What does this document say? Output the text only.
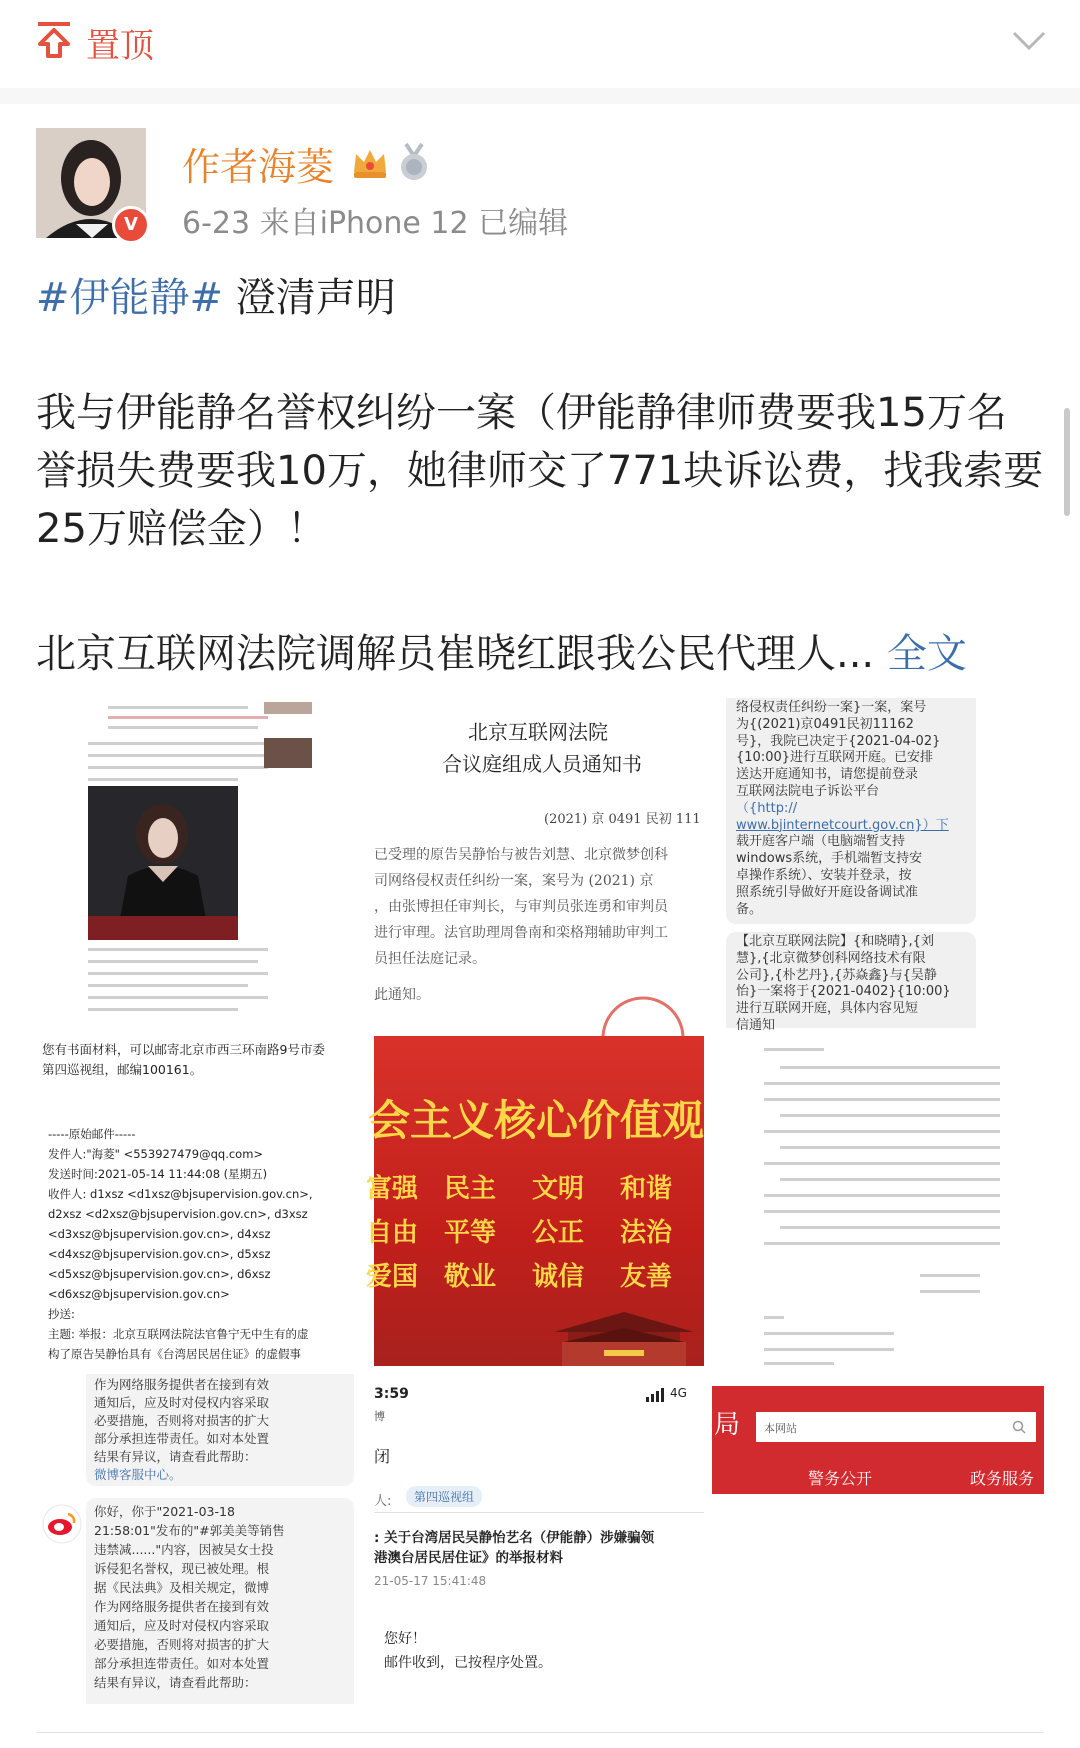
置顶
V
作者海菱
6-23 来自iPhone 12 已编辑
#伊能静# 澄清声明
我与伊能静名誉权纠纷一案（伊能静律师费要我15万名誉损失费要我10万，她律师交了771块诉讼费，找我索要25万赔偿金）！
北京互联网法院调解员崔晓红跟我公民代理人... 全文
北京互联网法院
合议庭组成人员通知书
(2021) 京 0491 民初 111
已受理的原告吴静怡与被告刘慧、北京微梦创科
司网络侵权责任纠纷一案，案号为 (2021) 京
，由张博担任审判长，与审判员张连勇和审判员
进行审理。法官助理周鲁南和栾格翔辅助审判工
员担任法庭记录。
此通知。
络侵权责任纠纷一案}一案，案号
为{(2021)京0491民初11162
号}，我院已决定于{2021-04-02}
{10:00}进行互联网开庭。已安排
送达开庭通知书，请您提前登录
互联网法院电子诉讼平台
（{http://
www.bjinternetcourt.gov.cn}）下
载开庭客户端（电脑端暂支持
windows系统，手机端暂支持安
卓操作系统）、安装并登录，按
照系统引导做好开庭设备调试准
备。
【北京互联网法院】{和晓晴},{刘
慧},{北京微梦创科网络技术有限
公司},{朴艺丹},{苏焱鑫}与{吴静
怡}一案将于{2021-0402}{10:00}
进行互联网开庭，具体内容见短
信通知
您有书面材料，可以邮寄北京市西三环南路9号市委
第四巡视组，邮编100161。
-----原始邮件-----
发件人:"海菱" <553927479@qq.com>
发送时间:2021-05-14 11:44:08 (星期五)
收件人: d1xsz <d1xsz@bjsupervision.gov.cn>,
d2xsz <d2xsz@bjsupervision.gov.cn>, d3xsz
<d3xsz@bjsupervision.gov.cn>, d4xsz
<d4xsz@bjsupervision.gov.cn>, d5xsz
<d5xsz@bjsupervision.gov.cn>, d6xsz
<d6xsz@bjsupervision.gov.cn>
抄送:
主题: 举报：北京互联网法院法官鲁宁无中生有的虚
构了原告吴静怡具有《台湾居民居住证》的虚假事
会主义核心价值观
富强 民主 文明 和谐
自由 平等 公正 法治
爱国 敬业 诚信 友善
作为网络服务提供者在接到有效
通知后，应及时对侵权内容采取
必要措施，否则将对损害的扩大
部分承担连带责任。如对本处置
结果有异议，请查看此帮助：
微博客服中心。
你好，你于"2021-03-18
21:58:01"发布的"#郭美美等销售
违禁减......"内容，因被吴女士投
诉侵犯名誉权，现已被处理。根
据《民法典》及相关规定，微博
作为网络服务提供者在接到有效
通知后，应及时对侵权内容采取
必要措施，否则将对损害的扩大
部分承担连带责任。如对本处置
结果有异议，请查看此帮助：
3:59	4G
博
闭
人:	第四巡视组
: 关于台湾居民吴静怡艺名（伊能静）涉嫌骗领
港澳台居民居住证》的举报材料
21-05-17 15:41:48
您好！
邮件收到，已按程序处置。
局 本网站
警务公开	政务服务
